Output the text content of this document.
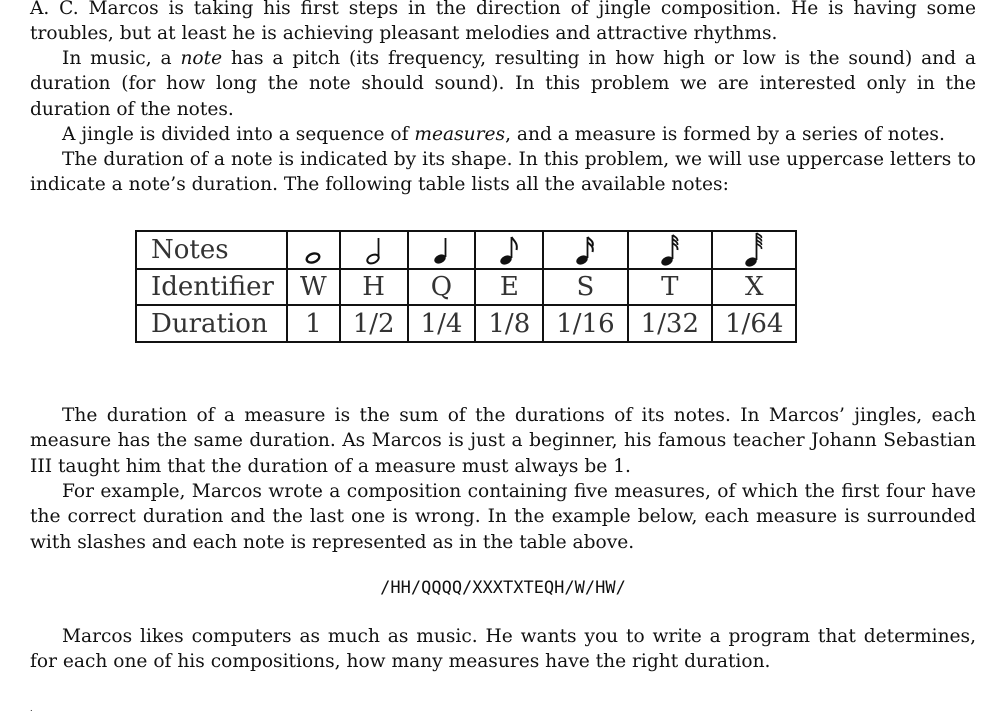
A. C. Marcos is taking his first steps in the direction of jingle composition. He is having some troubles, but at least he is achieving pleasant melodies and attractive rhythms.

In music, a note has a pitch (its frequency, resulting in how high or low is the sound) and a duration (for how long the note should sound). In this problem we are interested only in the duration of the notes.

A jingle is divided into a sequence of measures, and a measure is formed by a series of notes.

The duration of a note is indicated by its shape. In this problem, we will use uppercase letters to indicate a note’s duration. The following table lists all the available notes:

Notes	

Identifier	W	H	Q	E	S	T	X
Duration	1	1/2	1/4	1/8	1/16	1/32	1/64

The duration of a measure is the sum of the durations of its notes. In Marcos’ jingles, each measure has the same duration. As Marcos is just a beginner, his famous teacher Johann Sebastian III taught him that the duration of a measure must always be 1.

For example, Marcos wrote a composition containing five measures, of which the first four have the correct duration and the last one is wrong. In the example below, each measure is surrounded with slashes and each note is represented as in the table above.

/HH/QQQQ/XXXTXTEQH/W/HW/

Marcos likes computers as much as music. He wants you to write a program that determines, for each one of his compositions, how many measures have the right duration.

.
